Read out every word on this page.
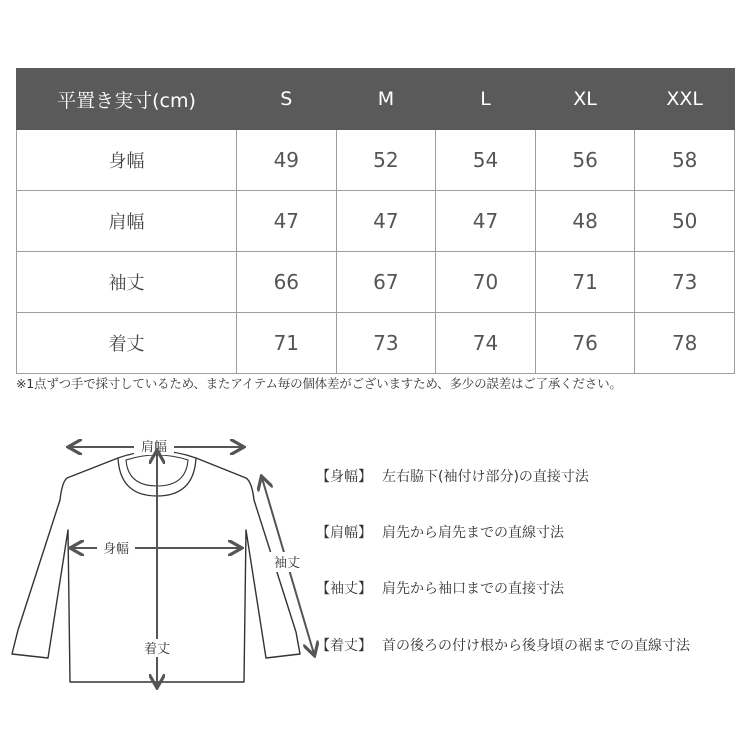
平置き実寸(cm)	S	M	L	XL	XXL
身幅	49	52	54	56	58
肩幅	47	47	47	48	50
袖丈	66	67	70	71	73
着丈	71	73	74	76	78
※1点ずつ手で採寸しているため、またアイテム毎の個体差がございますため、多少の誤差はご了承ください。
肩幅
身幅
着丈
袖丈
【身幅】 左右脇下(袖付け部分)の直接寸法
【肩幅】 肩先から肩先までの直線寸法
【袖丈】 肩先から袖口までの直接寸法
【着丈】 首の後ろの付け根から後身頃の裾までの直線寸法
